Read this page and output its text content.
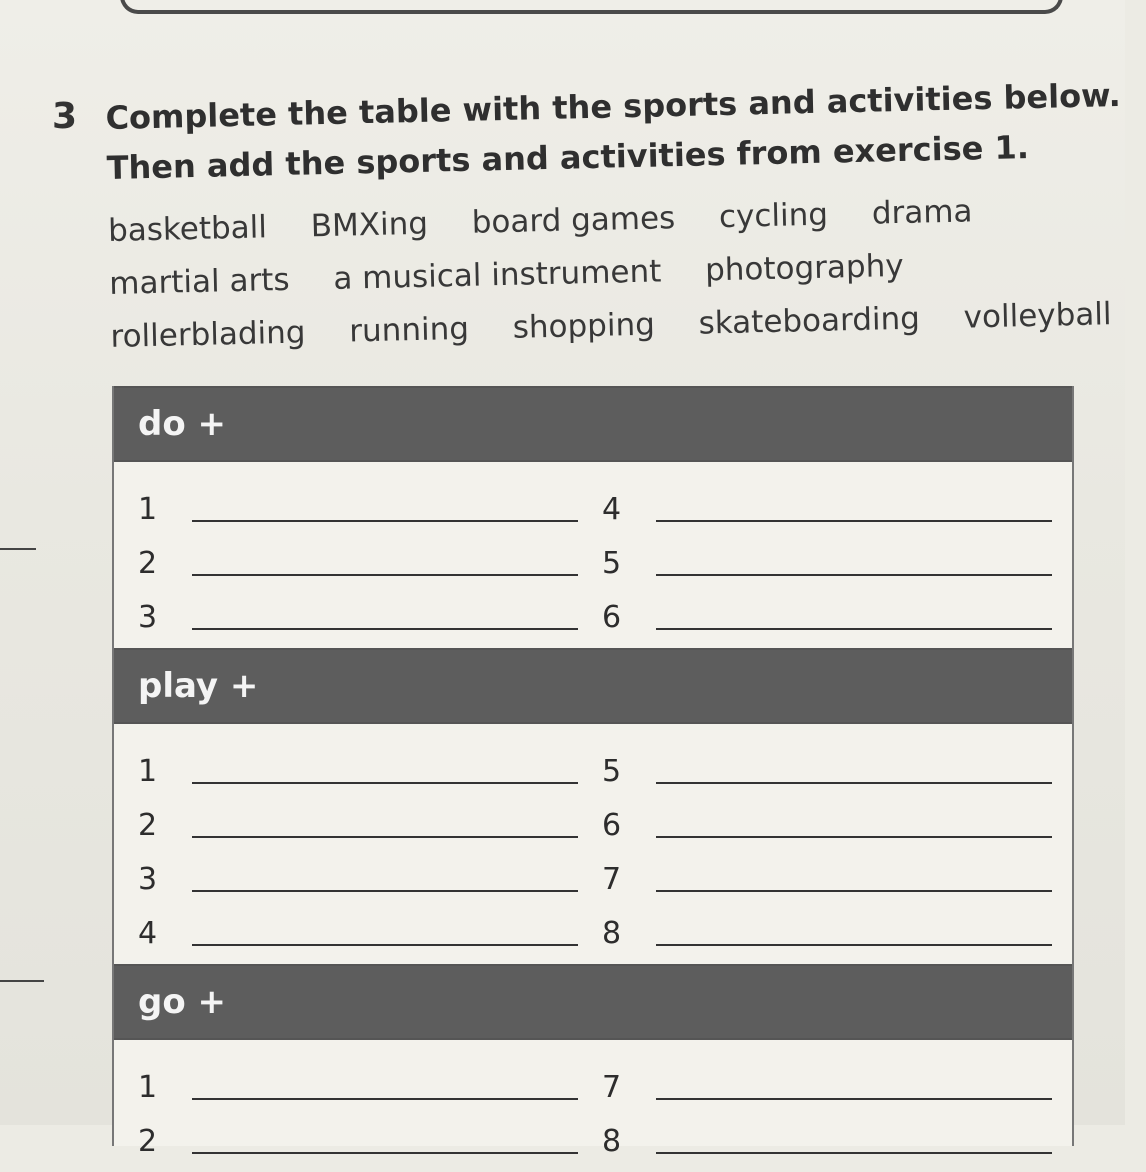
3 Complete the table with the sports and activities below.
Then add the sports and activities from exercise 1.
basketball BMXing board games cycling drama
martial arts a musical instrument photography
rollerblading running shopping skateboarding volleyball
do +
1	4
2	5
3	6
play +
1	5
2	6
3	7
4	8
go +
1	7
2	8
